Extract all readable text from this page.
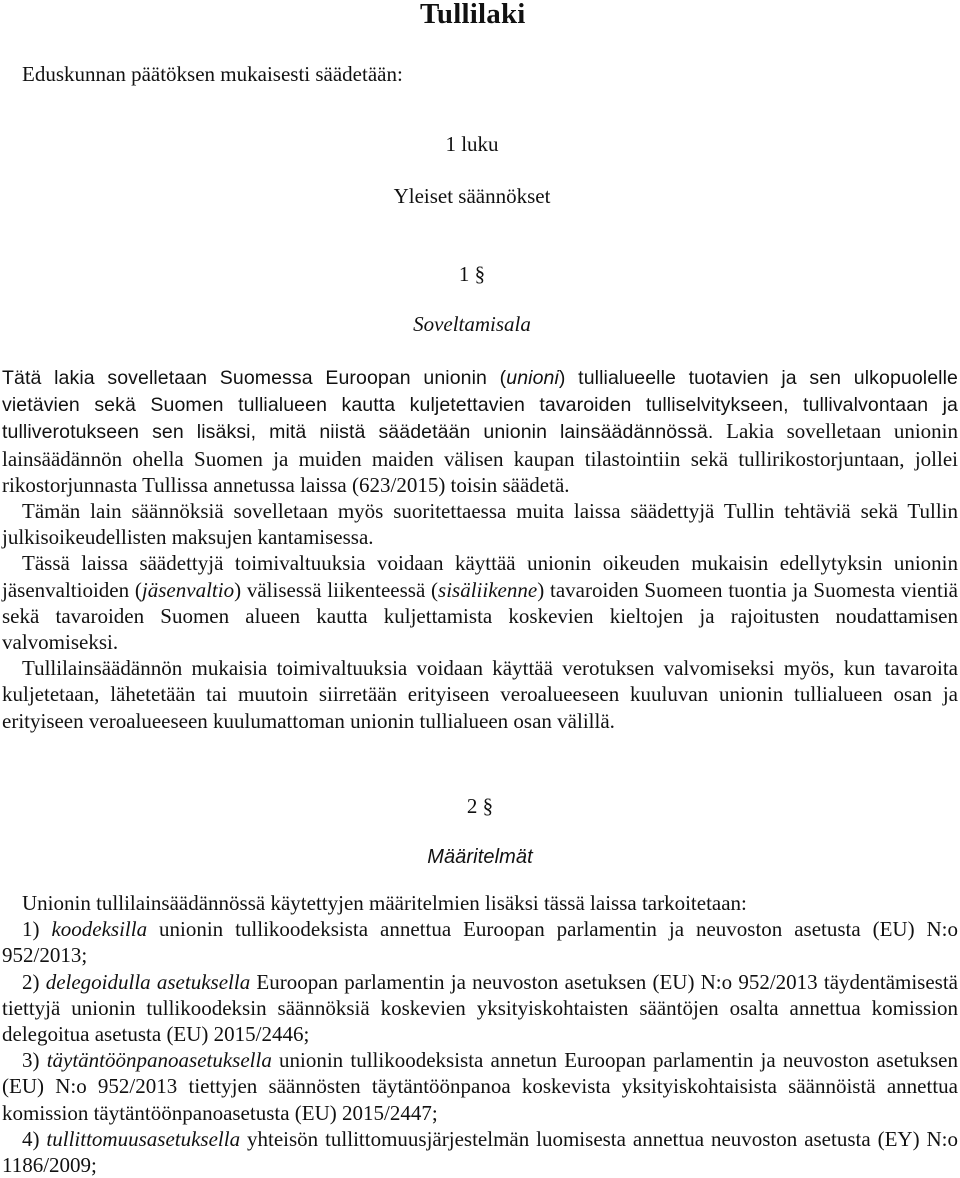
Tullilaki
Eduskunnan päätöksen mukaisesti säädetään:
1 luku
Yleiset säännökset
1 §
Soveltamisala

Tätä lakia sovelletaan Suomessa Euroopan unionin (unioni) tullialueelle tuotavien ja sen ulkopuolelle vietävien sekä Suomen tullialueen kautta kuljetettavien tavaroiden tulliselvitykseen, tullivalvontaan ja tulliverotukseen sen lisäksi, mitä niistä säädetään unionin lainsäädännössä. Lakia sovelletaan unionin lainsäädännön ohella Suomen ja muiden maiden välisen kaupan tilastointiin sekä tullirikostorjuntaan, jollei rikostorjunnasta Tullissa annetussa laissa (623/2015) toisin säädetä.

Tämän lain säännöksiä sovelletaan myös suoritettaessa muita laissa säädettyjä Tullin tehtäviä sekä Tullin julkisoikeudellisten maksujen kantamisessa.

Tässä laissa säädettyjä toimivaltuuksia voidaan käyttää unionin oikeuden mukaisin edellytyksin unionin jäsenvaltioiden (jäsenvaltio) välisessä liikenteessä (sisäliikenne) tavaroiden Suomeen tuontia ja Suomesta vientiä sekä tavaroiden Suomen alueen kautta kuljettamista koskevien kieltojen ja rajoitusten noudattamisen valvomiseksi.

Tullilainsäädännön mukaisia toimivaltuuksia voidaan käyttää verotuksen valvomiseksi myös, kun tavaroita kuljetetaan, lähetetään tai muutoin siirretään erityiseen veroalueeseen kuuluvan unionin tullialueen osan ja erityiseen veroalueeseen kuulumattoman unionin tullialueen osan välillä.

2 §
Määritelmät

Unionin tullilainsäädännössä käytettyjen määritelmien lisäksi tässä laissa tarkoitetaan:

1) koodeksilla unionin tullikoodeksista annettua Euroopan parlamentin ja neuvoston asetusta (EU) N:o 952/2013;

2) delegoidulla asetuksella Euroopan parlamentin ja neuvoston asetuksen (EU) N:o 952/2013 täydentämisestä tiettyjä unionin tullikoodeksin säännöksiä koskevien yksityiskohtaisten sääntöjen osalta annettua komission delegoitua asetusta (EU) 2015/2446;

3) täytäntöönpanoasetuksella unionin tullikoodeksista annetun Euroopan parlamentin ja neuvoston asetuksen (EU) N:o 952/2013 tiettyjen säännösten täytäntöönpanoa koskevista yksityiskohtaisista säännöistä annettua komission täytäntöönpanoasetusta (EU) 2015/2447;

4) tullittomuusasetuksella yhteisön tullittomuusjärjestelmän luomisesta annettua neuvoston asetusta (EY) N:o 1186/2009;
